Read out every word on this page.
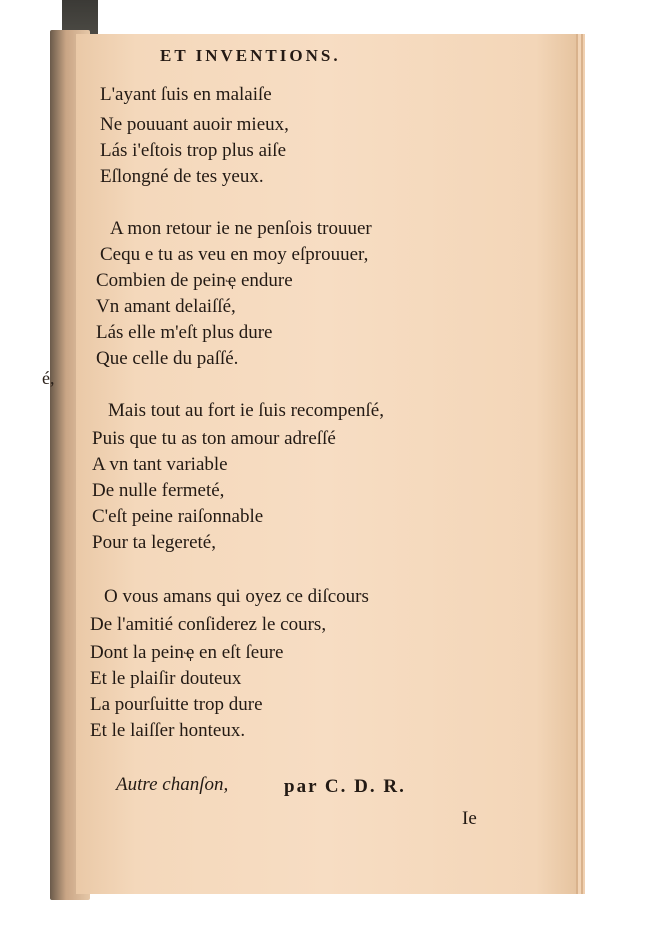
é,
ET INVENTIONS.
L'ayant ſuis en malaiſe
Ne pouuant auoir mieux,
Lás i'eſtois trop plus aiſe
Eſlongné de tes yeux.
A mon retour ie ne penſois trouuer
Cequ e tu as veu en moy eſprouuer,
Combien de peinҿ endure
Vn amant delaiſſé,
Lás elle m'eſt plus dure
Que celle du paſſé.
Mais tout au fort ie ſuis recompenſé,
Puis que tu as ton amour adreſſé
A vn tant variable
De nulle fermeté,
C'eſt peine raiſonnable
Pour ta legereté,
O vous amans qui oyez ce diſcours
De l'amitié conſiderez le cours,
Dont la peinҿ en eſt ſeure
Et le plaiſir douteux
La pourſuitte trop dure
Et le laiſſer honteux.
Autre chanſon,	par C. D. R.
Ie
